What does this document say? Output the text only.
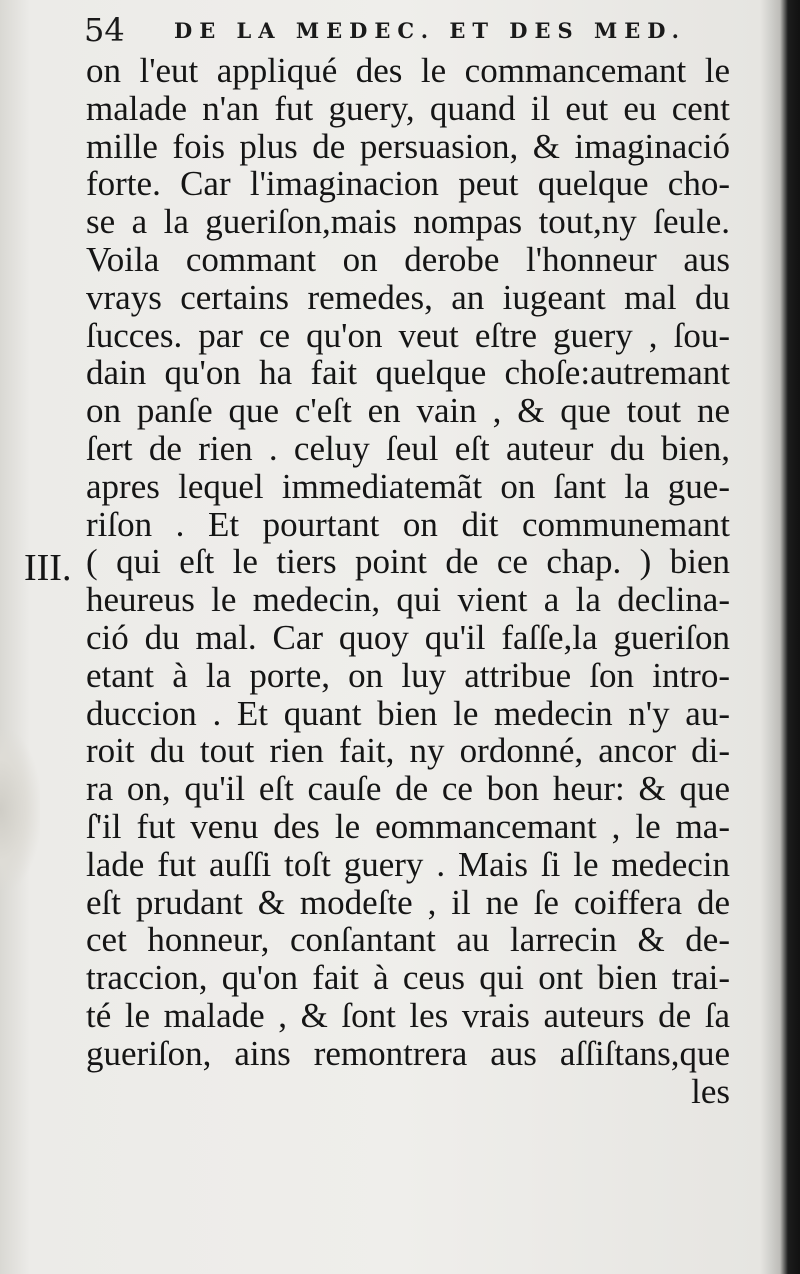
54 DE LA MEDEC. ET DES MED.
III.
on l'eut appliqué des le commancemant le
malade n'an fut guery, quand il eut eu cent
mille fois plus de persuasion, & imaginació
forte. Car l'imaginacion peut quelque cho-
se a la gueriſon,mais nompas tout,ny ſeule.
Voila commant on derobe l'honneur aus
vrays certains remedes, an iugeant mal du
ſucces. par ce qu'on veut eſtre guery , ſou-
dain qu'on ha fait quelque choſe:autremant
on panſe que c'eſt en vain , & que tout ne
ſert de rien . celuy ſeul eſt auteur du bien,
apres lequel immediatemãt on ſant la gue-
riſon . Et pourtant on dit communemant
( qui eſt le tiers point de ce chap. ) bien
heureus le medecin, qui vient a la declina-
ció du mal. Car quoy qu'il faſſe,la gueriſon
etant à la porte, on luy attribue ſon intro-
duccion . Et quant bien le medecin n'y au-
roit du tout rien fait, ny ordonné, ancor di-
ra on, qu'il eſt cauſe de ce bon heur: & que
ſ'il fut venu des le eommancemant , le ma-
lade fut auſſi toſt guery . Mais ſi le medecin
eſt prudant & modeſte , il ne ſe coiffera de
cet honneur, conſantant au larrecin & de-
traccion, qu'on fait à ceus qui ont bien trai-
té le malade , & ſont les vrais auteurs de ſa
gueriſon, ains remontrera aus aſſiſtans,que
les
